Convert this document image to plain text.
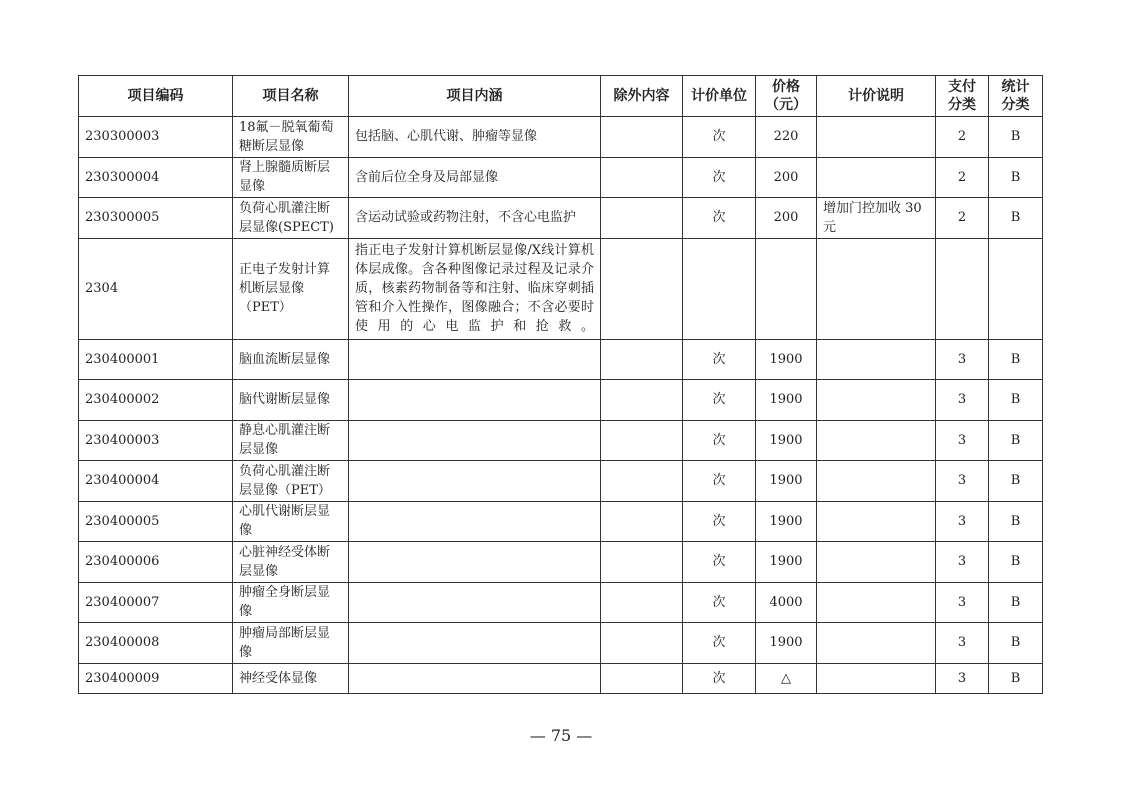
项目编码	项目名称	项目内涵	除外内容	计价单位	价格（元）	计价说明	支付分类	统计分类
230300003	18氟－脱氧葡萄糖断层显像	包括脑、心肌代谢、肿瘤等显像		次	220		2	B
230300004	肾上腺髓质断层显像	含前后位全身及局部显像		次	200		2	B
230300005	负荷心肌灌注断层显像(SPECT)	含运动试验或药物注射，不含心电监护		次	200	增加门控加收 30 元	2	B
2304	正电子发射计算机断层显像（PET）	指正电子发射计算机断层显像/X线计算机体层成像。含各种图像记录过程及记录介质，核素药物制备等和注射、临床穿刺插管和介入性操作，图像融合；不含必要时使用的心电监护和抢救。						
230400001	脑血流断层显像			次	1900		3	B
230400002	脑代谢断层显像			次	1900		3	B
230400003	静息心肌灌注断层显像			次	1900		3	B
230400004	负荷心肌灌注断层显像（PET）			次	1900		3	B
230400005	心肌代谢断层显像			次	1900		3	B
230400006	心脏神经受体断层显像			次	1900		3	B
230400007	肿瘤全身断层显像			次	4000		3	B
230400008	肿瘤局部断层显像			次	1900		3	B
230400009	神经受体显像			次	△		3	B
— 75 —
